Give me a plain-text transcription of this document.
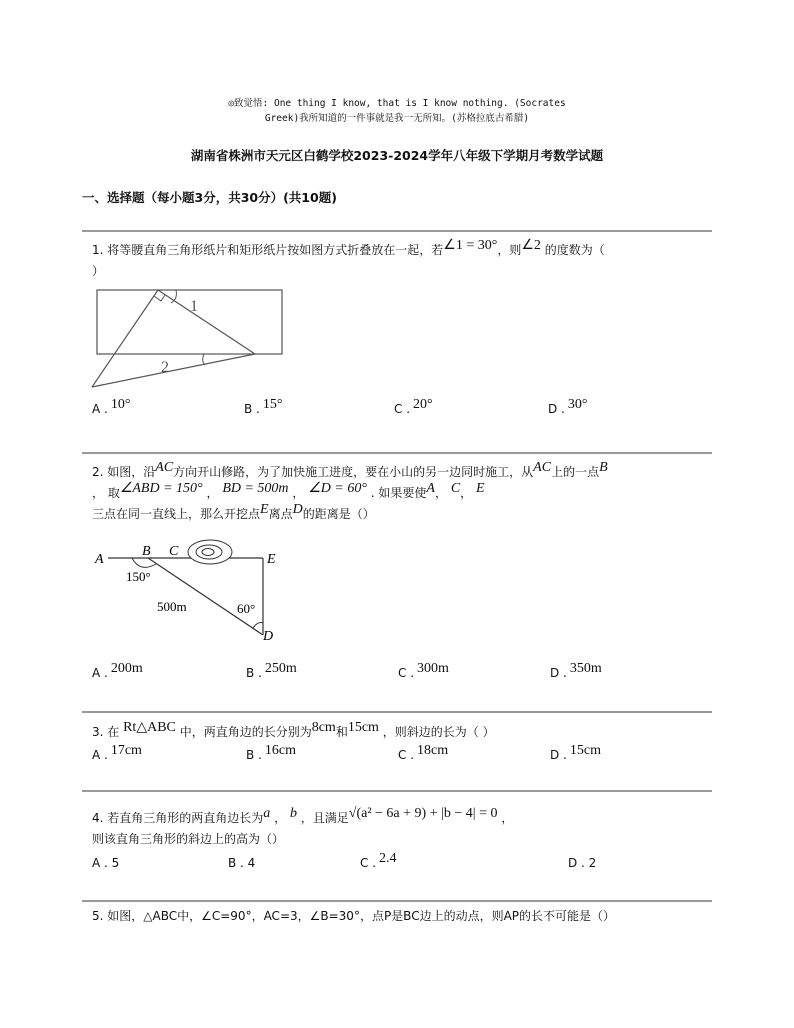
◎致觉悟: One thing I know, that is I know nothing. (Socrates
Greek)我所知道的一件事就是我一无所知。(苏格拉底古希腊)
湖南省株洲市天元区白鹤学校2023-2024学年八年级下学期月考数学试题
一、选择题（每小题3分，共30分）(共10题)
1. 将等腰直角三角形纸片和矩形纸片按如图方式折叠放在一起，若∠1 = 30°，则∠2 的度数为（
）
1
2
A . 10°	B . 15°	C . 20°	D . 30°
2. 如图，沿AC方向开山修路，为了加快施工进度，要在小山的另一边同时施工，从AC上的一点B
， 取∠ABD = 150° ， BD = 500m ， ∠D = 60° . 如果要使A， C， E
三点在同一直线上，那么开挖点E离点D的距离是（）
A
B C
E
D
150°
500m	60°
A . 200m	B . 250m	C . 300m	D . 350m
3. 在 Rt△ABC 中，两直角边的长分别为8cm和15cm ，则斜边的长为（ ）
A . 17cm	B . 16cm	C . 18cm	D . 15cm
4. 若直角三角形的两直角边长为a ， b ，且满足√(a² − 6a + 9) + |b − 4| = 0 ，
则该直角三角形的斜边上的高为（）
A . 5	B . 4	C . 2.4	D . 2
5. 如图，△ABC中，∠C=90°，AC=3，∠B=30°，点P是BC边上的动点，则AP的长不可能是（）
